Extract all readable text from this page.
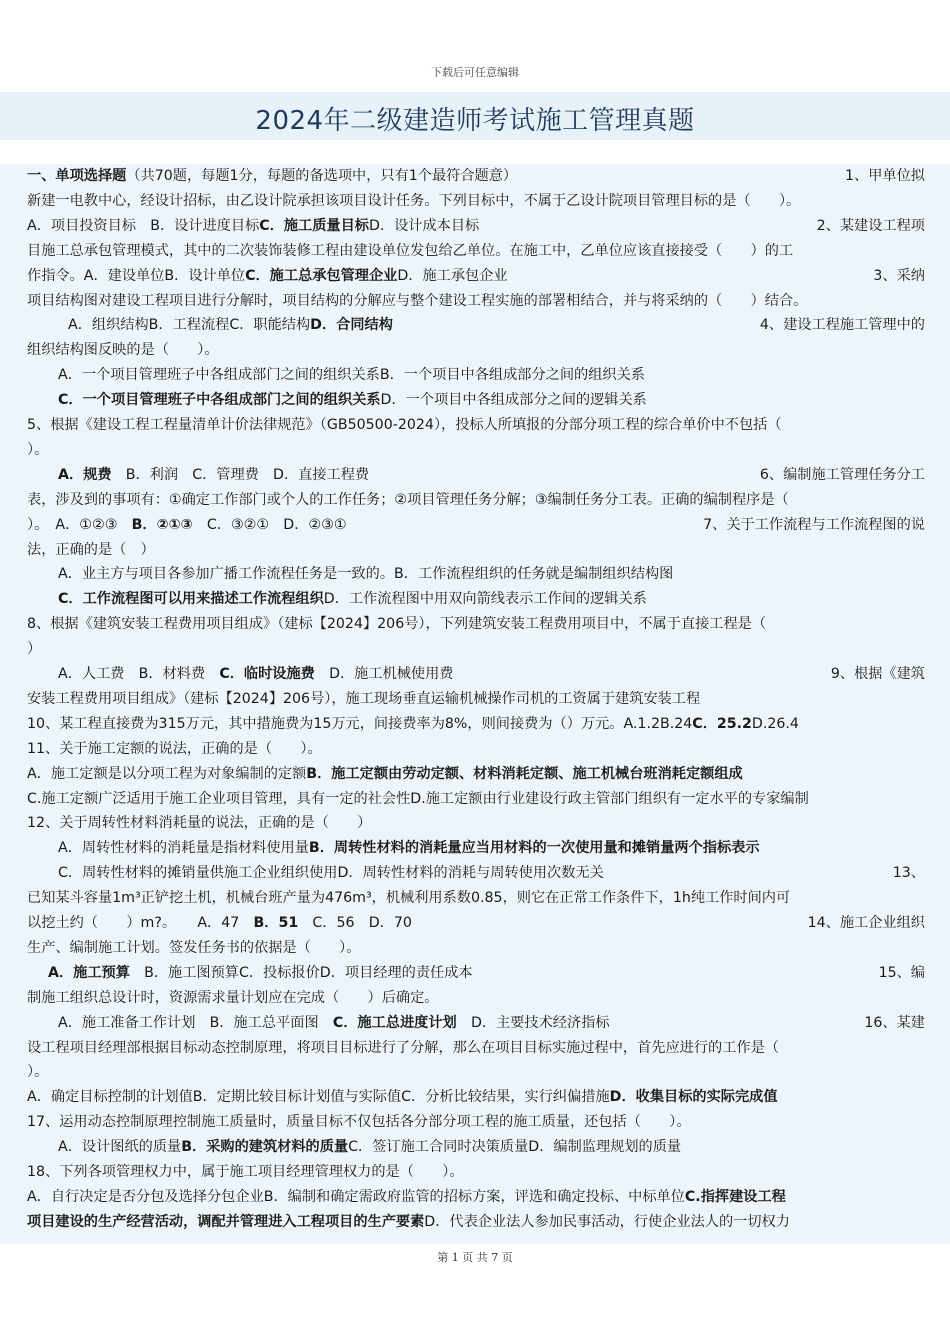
下载后可任意编辑
2024年二级建造师考试施工管理真题
一、单项选择题（共70题，每题1分，每题的备选项中，只有1个最符合题意）	1、甲单位拟
新建一电教中心，经设计招标，由乙设计院承担该项目设计任务。下列目标中，不属于乙设计院项目管理目标的是（　　）。
A．项目投资目标　B．设计进度目标C．施工质量目标D．设计成本目标	2、某建设工程项
目施工总承包管理模式，其中的二次装饰装修工程由建设单位发包给乙单位。在施工中，乙单位应该直接接受（　　）的工
作指令。A．建设单位B．设计单位C．施工总承包管理企业D．施工承包企业	3、采纳
项目结构图对建设工程项目进行分解时，项目结构的分解应与整个建设工程实施的部署相结合，并与将采纳的（　　）结合。
A．组织结构B．工程流程C．职能结构D．合同结构	4、建设工程施工管理中的
组织结构图反映的是（　　）。
A．一个项目管理班子中各组成部门之间的组织关系B．一个项目中各组成部分之间的组织关系
C．一个项目管理班子中各组成部门之间的组织关系D．一个项目中各组成部分之间的逻辑关系
5、根据《建设工程工程量清单计价法律规范》（GB50500-2024），投标人所填报的分部分项工程的综合单价中不包括（
）。
A．规费　B．利润　C．管理费　D．直接工程费	6、编制施工管理任务分工
表，涉及到的事项有：①确定工作部门或个人的工作任务；②项目管理任务分解；③编制任务分工表。正确的编制程序是（
）。　A．①②③　B．②①③　C．③②①　D．②③①	7、关于工作流程与工作流程图的说
法，正确的是（　）
A．业主方与项目各参加广播工作流程任务是一致的。B．工作流程组织的任务就是编制组织结构图
C．工作流程图可以用来描述工作流程组织D．工作流程图中用双向箭线表示工作间的逻辑关系
8、根据《建筑安装工程费用项目组成》（建标【2024】206号），下列建筑安装工程费用项目中，不属于直接工程是（
）
A．人工费　B．材料费　C．临时设施费　D．施工机械使用费	9、根据《建筑
安装工程费用项目组成》（建标【2024】206号），施工现场垂直运输机械操作司机的工资属于建筑安装工程
10、某工程直接费为315万元，其中措施费为15万元，间接费率为8%，则间接费为（）万元。A.1.2B.24C．25.2D.26.4
11、关于施工定额的说法，正确的是（　　）。
A．施工定额是以分项工程为对象编制的定额B．施工定额由劳动定额、材料消耗定额、施工机械台班消耗定额组成
C.施工定额广泛适用于施工企业项目管理，具有一定的社会性D.施工定额由行业建设行政主管部门组织有一定水平的专家编制
12、关于周转性材料消耗量的说法，正确的是（　　）
A．周转性材料的消耗量是指材料使用量B．周转性材料的消耗量应当用材料的一次使用量和摊销量两个指标表示
C．周转性材料的摊销量供施工企业组织使用D．周转性材料的消耗与周转使用次数无关	13、
已知某斗容量1m³正铲挖土机，机械台班产量为476m³，机械利用系数0.85，则它在正常工作条件下，1h纯工作时间内可
以挖土约（　　）m?。　　A．47　B．51　C．56　D．70	14、施工企业组织
生产、编制施工计划。签发任务书的依据是（　　）。
A．施工预算　B．施工图预算C．投标报价D．项目经理的责任成本	15、编
制施工组织总设计时，资源需求量计划应在完成（　　）后确定。
A．施工准备工作计划　B．施工总平面图　C．施工总进度计划　D．主要技术经济指标	16、某建
设工程项目经理部根据目标动态控制原理，将项目目标进行了分解，那么在项目目标实施过程中，首先应进行的工作是（
）。
A．确定目标控制的计划值B．定期比较目标计划值与实际值C．分析比较结果，实行纠偏措施D．收集目标的实际完成值
17、运用动态控制原理控制施工质量时，质量目标不仅包括各分部分项工程的施工质量，还包括（　　）。
A．设计图纸的质量B．采购的建筑材料的质量C．签订施工合同时决策质量D．编制监理规划的质量
18、下列各项管理权力中，属于施工项目经理管理权力的是（　　）。
A．自行决定是否分包及选择分包企业B．编制和确定需政府监管的招标方案，评选和确定投标、中标单位C.指挥建设工程
项目建设的生产经营活动，调配并管理进入工程项目的生产要素D．代表企业法人参加民事活动，行使企业法人的一切权力
第 1 页 共 7 页
